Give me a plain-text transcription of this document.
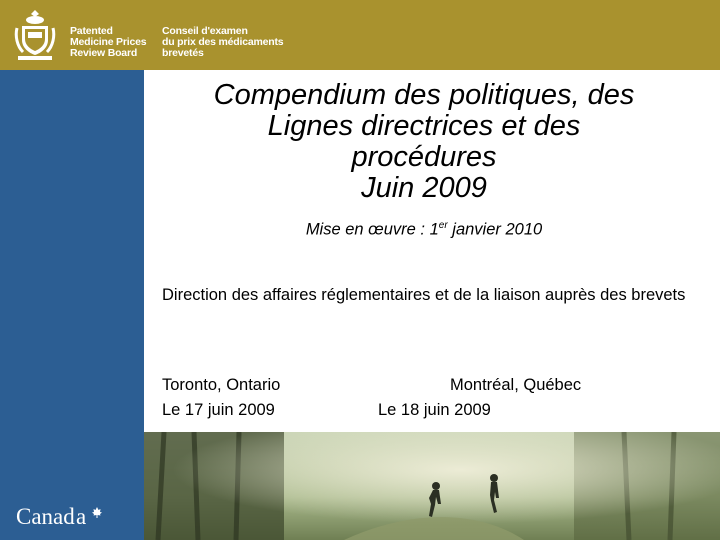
Patented
Medicine Prices
Review Board
Conseil d'examen
du prix des médicaments
brevetés
Canad a
Compendium des politiques, des
Lignes directrices et des
procédures
Juin 2009
Mise en œuvre : 1er janvier 2010
Direction des affaires réglementaires et de la liaison auprès des brevets
Toronto, Ontario
Le 17 juin 2009
Montréal, Québec
Le 18 juin 2009
